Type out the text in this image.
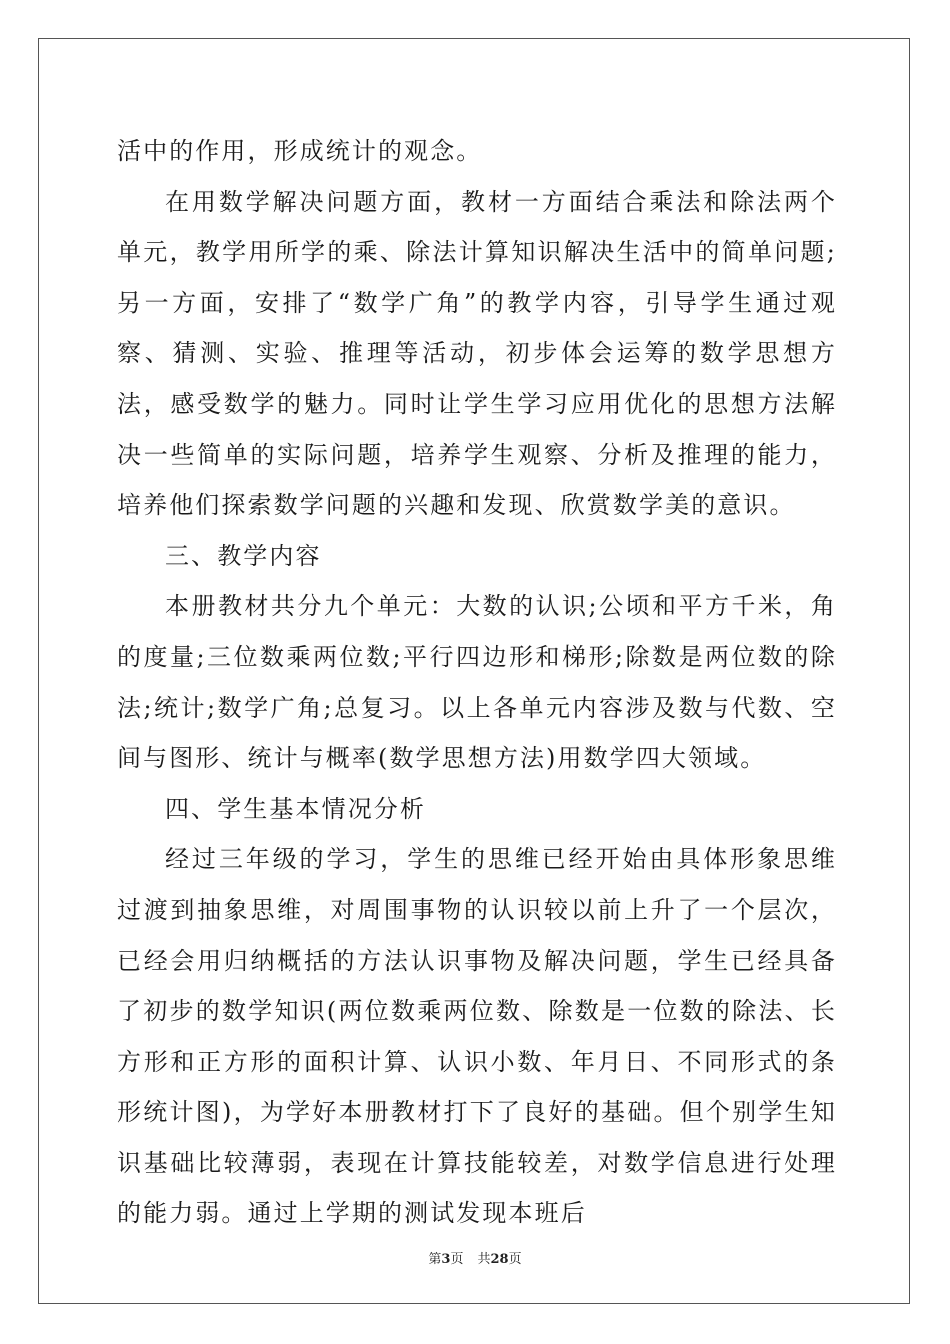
活中的作用，形成统计的观念。

在用数学解决问题方面，教材一方面结合乘法和除法两个单元，教学用所学的乘、除法计算知识解决生活中的简单问题;另一方面，安排了“数学广角”的教学内容，引导学生通过观察、猜测、实验、推理等活动，初步体会运筹的数学思想方法，感受数学的魅力。同时让学生学习应用优化的思想方法解决一些简单的实际问题，培养学生观察、分析及推理的能力，培养他们探索数学问题的兴趣和发现、欣赏数学美的意识。

三、教学内容

本册教材共分九个单元：大数的认识;公顷和平方千米，角的度量;三位数乘两位数;平行四边形和梯形;除数是两位数的除法;统计;数学广角;总复习。以上各单元内容涉及数与代数、空间与图形、统计与概率(数学思想方法)用数学四大领域。

四、学生基本情况分析

经过三年级的学习，学生的思维已经开始由具体形象思维过渡到抽象思维，对周围事物的认识较以前上升了一个层次，已经会用归纳概括的方法认识事物及解决问题，学生已经具备了初步的数学知识(两位数乘两位数、除数是一位数的除法、长方形和正方形的面积计算、认识小数、年月日、不同形式的条形统计图)，为学好本册教材打下了良好的基础。但个别学生知识基础比较薄弱，表现在计算技能较差，对数学信息进行处理的能力弱。通过上学期的测试发现本班后

第3页 共28页
